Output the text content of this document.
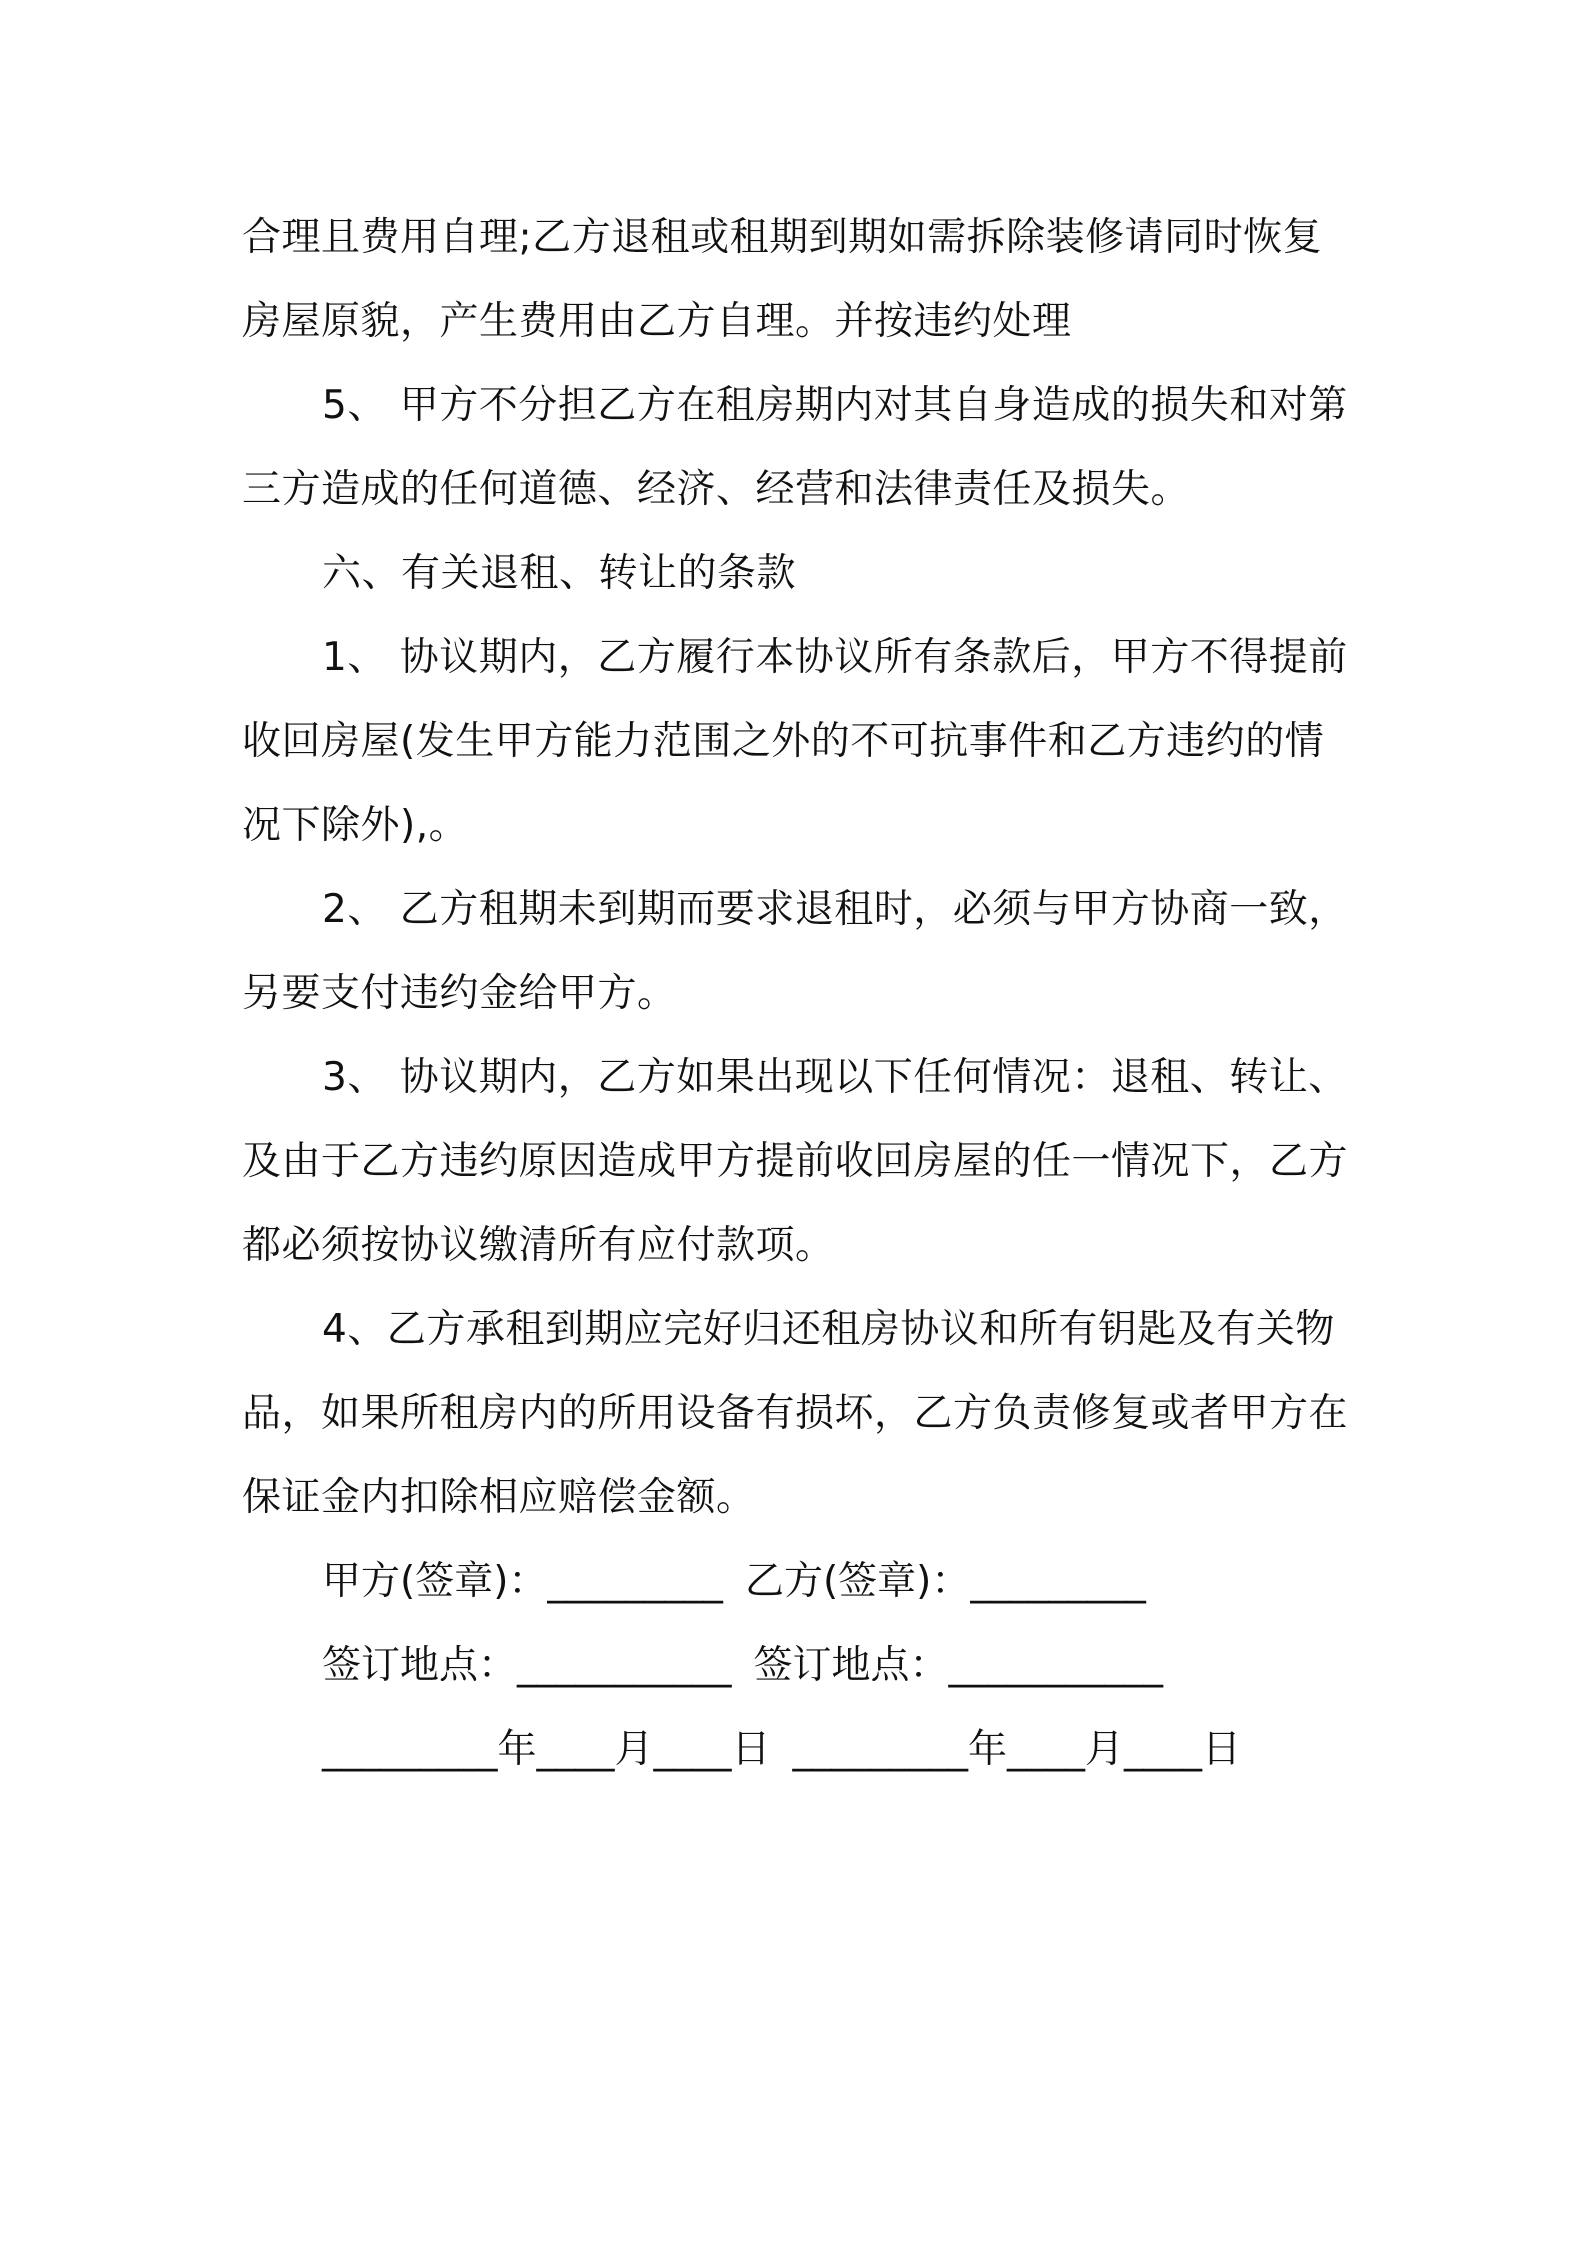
合理且费用自理;乙方退租或租期到期如需拆除装修请同时恢复
房屋原貌，产生费用由乙方自理。并按违约处理
5、 甲方不分担乙方在租房期内对其自身造成的损失和对第
三方造成的任何道德、经济、经营和法律责任及损失。
六、有关退租、转让的条款
1、 协议期内，乙方履行本协议所有条款后，甲方不得提前
收回房屋(发生甲方能力范围之外的不可抗事件和乙方违约的情
况下除外),。
2、 乙方租期未到期而要求退租时，必须与甲方协商一致，
另要支付违约金给甲方。
3、 协议期内，乙方如果出现以下任何情况：退租、转让、
及由于乙方违约原因造成甲方提前收回房屋的任一情况下，乙方
都必须按协议缴清所有应付款项。
4、乙方承租到期应完好归还租房协议和所有钥匙及有关物
品，如果所租房内的所用设备有损坏，乙方负责修复或者甲方在
保证金内扣除相应赔偿金额。
甲方(签章)：_________ 乙方(签章)：_________
签订地点：___________ 签订地点：___________
_________年____月____日 _________年____月____日
